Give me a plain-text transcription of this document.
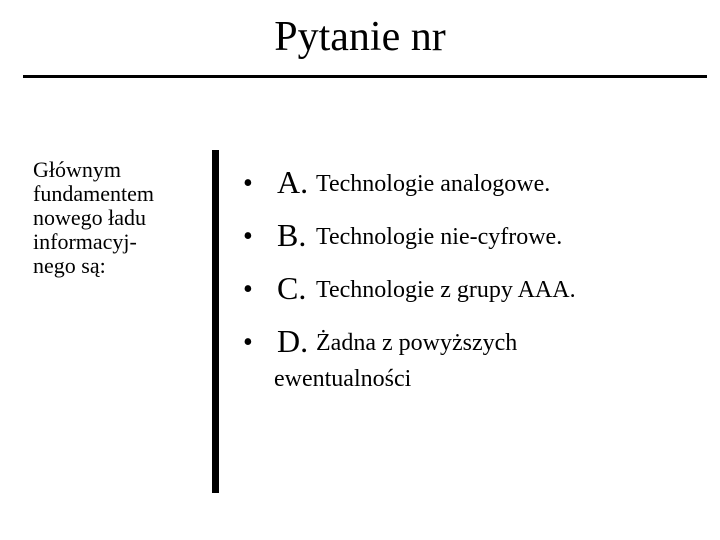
Pytanie nr
Głównym
fundamentem
nowego ładu
informacyj-
nego są:
• A. Technologie analogowe.
• B. Technologie nie-cyfrowe.
• C. Technologie z grupy AAA.
• D. Żadna z powyższych
ewentualności
